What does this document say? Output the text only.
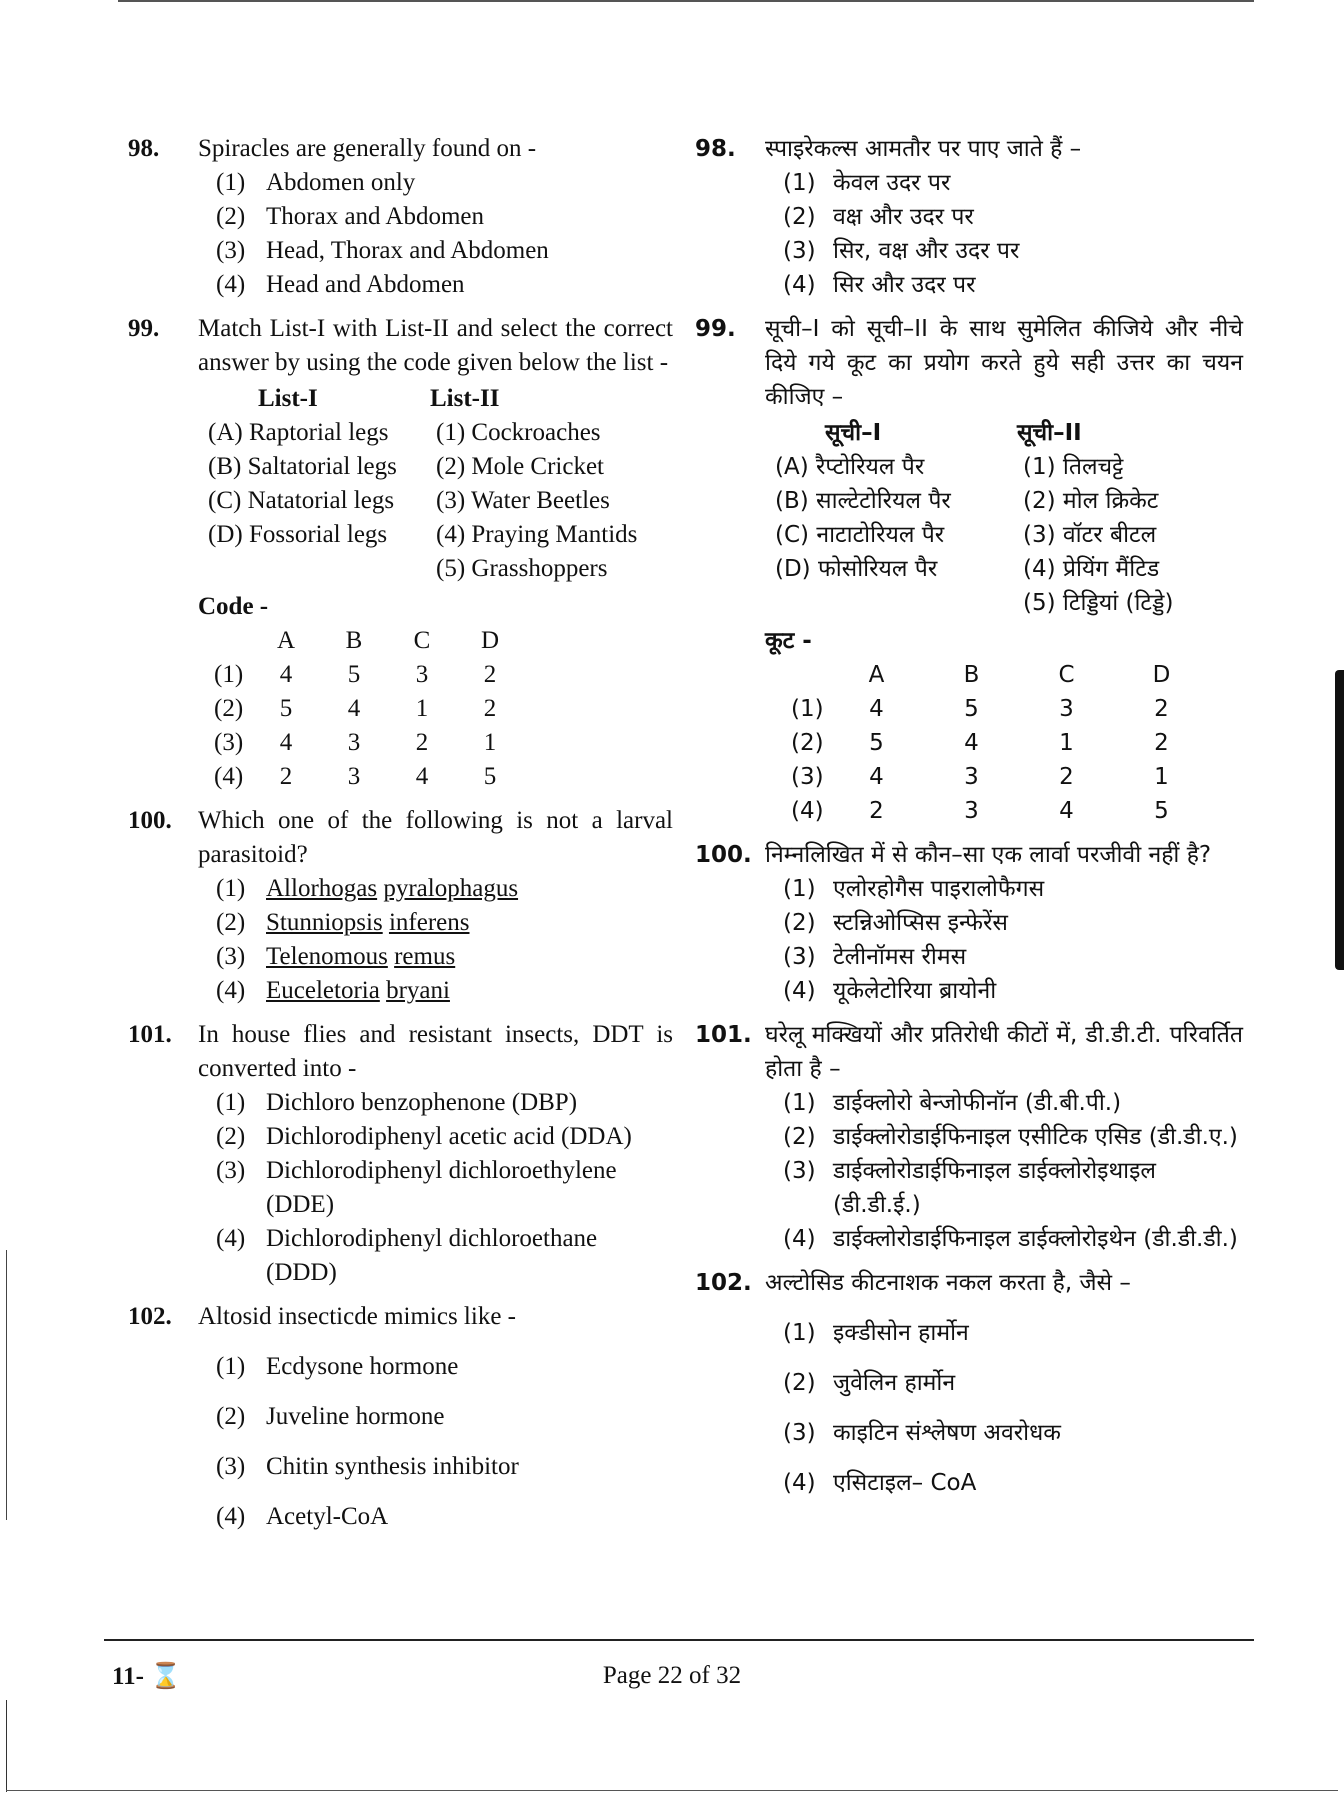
98. Spiracles are generally found on -
(1) Abdomen only
(2) Thorax and Abdomen
(3) Head, Thorax and Abdomen
(4) Head and Abdomen
99. Match List-I with List-II and select the correct answer by using the code given below the list -
List-I	List-II
(A) Raptorial legs	(1) Cockroaches
(B) Saltatorial legs	(2) Mole Cricket
(C) Natatorial legs	(3) Water Beetles
(D) Fossorial legs	(4) Praying Mantids
(5) Grasshoppers
Code -
	A	B	C	D
(1)	4	5	3	2
(2)	5	4	1	2
(3)	4	3	2	1
(4)	2	3	4	5
100. Which one of the following is not a larval parasitoid?
(1) Allorhogas pyralophagus
(2) Stunniopsis inferens
(3) Telenomous remus
(4) Euceletoria bryani
101. In house flies and resistant insects, DDT is converted into -
(1) Dichloro benzophenone (DBP)
(2) Dichlorodiphenyl acetic acid (DDA)
(3) Dichlorodiphenyl dichloroethylene (DDE)
(4) Dichlorodiphenyl dichloroethane (DDD)
102. Altosid insecticde mimics like -
(1) Ecdysone hormone
(2) Juveline hormone
(3) Chitin synthesis inhibitor
(4) Acetyl-CoA
98. स्पाइरेकल्स आमतौर पर पाए जाते हैं –
(1) केवल उदर पर
(2) वक्ष और उदर पर
(3) सिर, वक्ष और उदर पर
(4) सिर और उदर पर
99. सूची–I को सूची–II के साथ सुमेलित कीजिये और नीचे दिये गये कूट का प्रयोग करते हुये सही उत्तर का चयन कीजिए –
सूची–I	सूची–II
(A) रैप्टोरियल पैर	(1) तिलचट्टे
(B) साल्टेटोरियल पैर	(2) मोल क्रिकेट
(C) नाटाटोरियल पैर	(3) वॉटर बीटल
(D) फोसोरियल पैर	(4) प्रेयिंग मैंटिड
(5) टिड्डियां (टिड्डे)
कूट -
	A	B	C	D
(1)	4	5	3	2
(2)	5	4	1	2
(3)	4	3	2	1
(4)	2	3	4	5
100. निम्नलिखित में से कौन–सा एक लार्वा परजीवी नहीं है?
(1) एलोरहोगैस पाइरालोफैगस
(2) स्टन्निओप्सिस इन्फेरेंस
(3) टेलीनॉमस रीमस
(4) यूकेलेटोरिया ब्रायोनी
101. घरेलू मक्खियों और प्रतिरोधी कीटों में, डी.डी.टी. परिवर्तित होता है –
(1) डाईक्लोरो बेन्जोफीनॉन (डी.बी.पी.)
(2) डाईक्लोरोडाईफिनाइल एसीटिक एसिड (डी.डी.ए.)
(3) डाईक्लोरोडाईफिनाइल डाईक्लोरोइथाइल (डी.डी.ई.)
(4) डाईक्लोरोडाईफिनाइल डाईक्लोरोइथेन (डी.डी.डी.)
102. अल्टोसिड कीटनाशक नकल करता है, जैसे –
(1) इक्डीसोन हार्मोन
(2) जुवेलिन हार्मोन
(3) काइटिन संश्लेषण अवरोधक
(4) एसिटाइल– CoA
11- ⌛	Page 22 of 32
